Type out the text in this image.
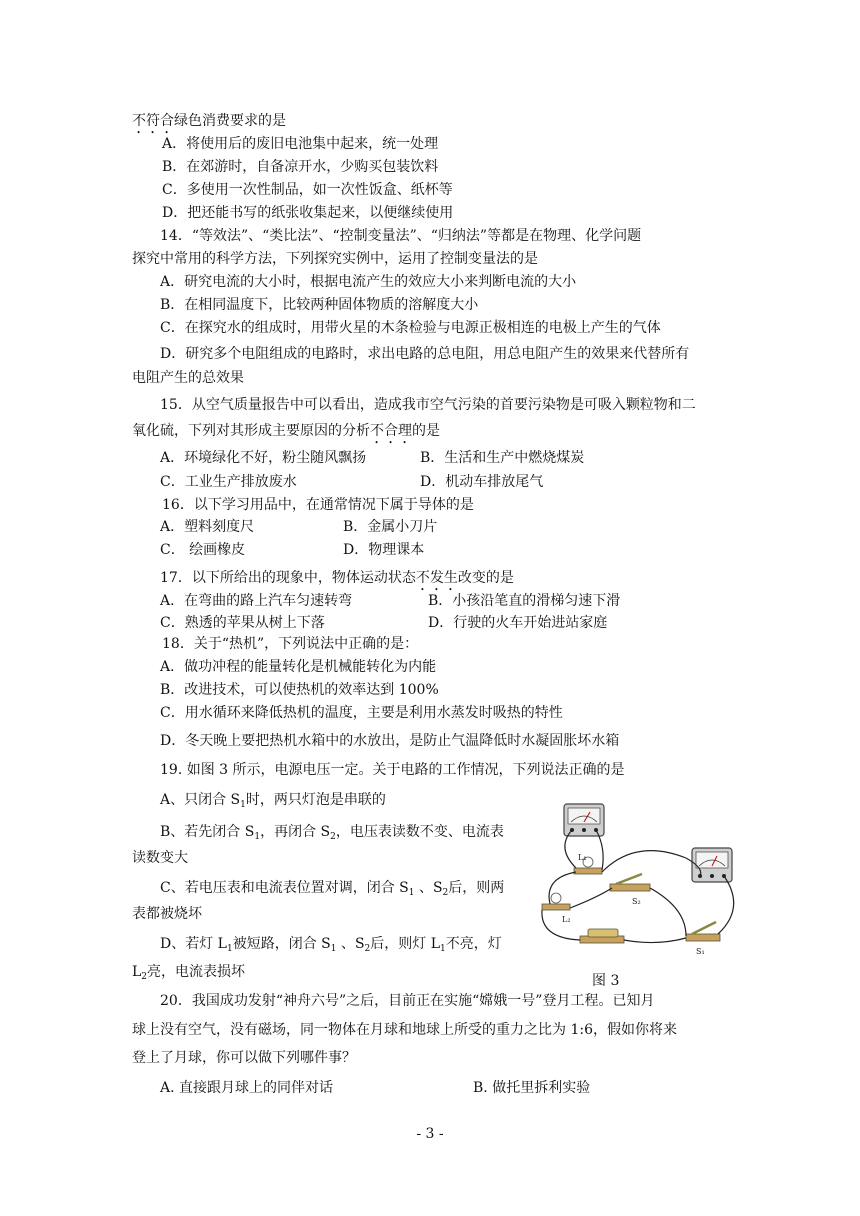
不符合绿色消费要求的是
A．将使用后的废旧电池集中起来，统一处理
B．在郊游时，自备凉开水，少购买包装饮料
C．多使用一次性制品，如一次性饭盒、纸杯等
D．把还能书写的纸张收集起来，以便继续使用
14．“等效法”、“类比法”、“控制变量法”、“归纳法”等都是在物理、化学问题
探究中常用的科学方法，下列探究实例中，运用了控制变量法的是
A．研究电流的大小时，根据电流产生的效应大小来判断电流的大小
B．在相同温度下，比较两种固体物质的溶解度大小
C．在探究水的组成时，用带火星的木条检验与电源正极相连的电极上产生的气体
D．研究多个电阻组成的电路时，求出电路的总电阻，用总电阻产生的效果来代替所有
电阻产生的总效果
15．从空气质量报告中可以看出，造成我市空气污染的首要污染物是可吸入颗粒物和二
氧化硫，下列对其形成主要原因的分析不合理的是
A．环境绿化不好，粉尘随风飘扬	B．生活和生产中燃烧煤炭
C．工业生产排放废水	D．机动车排放尾气
16．以下学习用品中，在通常情况下属于导体的是
A．塑料刻度尺	B．金属小刀片
C． 绘画橡皮	D．物理课本
17．以下所给出的现象中，物体运动状态不发生改变的是
A．在弯曲的路上汽车匀速转弯	B．小孩沿笔直的滑梯匀速下滑
C．熟透的苹果从树上下落	D．行驶的火车开始进站家庭
18．关于“热机”，下列说法中正确的是：
A．做功冲程的能量转化是机械能转化为内能
B．改进技术，可以使热机的效率达到 100%
C．用水循环来降低热机的温度，主要是利用水蒸发时吸热的特性
D．冬天晚上要把热机水箱中的水放出，是防止气温降低时水凝固胀坏水箱
19. 如图 3 所示，电源电压一定。关于电路的工作情况，下列说法正确的是
A、只闭合 $S_1$时，两只灯泡是串联的
B、若先闭合 $S_1$，再闭合 $S_2$，电压表读数不变、电流表
读数变大
C、若电压表和电流表位置对调，闭合 $S_1$ 、$S_2$后，则两
表都被烧坏
D、若灯 $L_1$被短路，闭合 $S_1$ 、$S_2$后，则灯 $L_1$不亮，灯
$L_2$亮，电流表损坏
L₁
S₂
L₂
S₁
图 3
20．我国成功发射“神舟六号”之后，目前正在实施“嫦娥一号”登月工程。已知月
球上没有空气，没有磁场，同一物体在月球和地球上所受的重力之比为 1:6，假如你将来
登上了月球，你可以做下列哪件事？
A. 直接跟月球上的同伴对话	B. 做托里拆利实验
- 3 -
